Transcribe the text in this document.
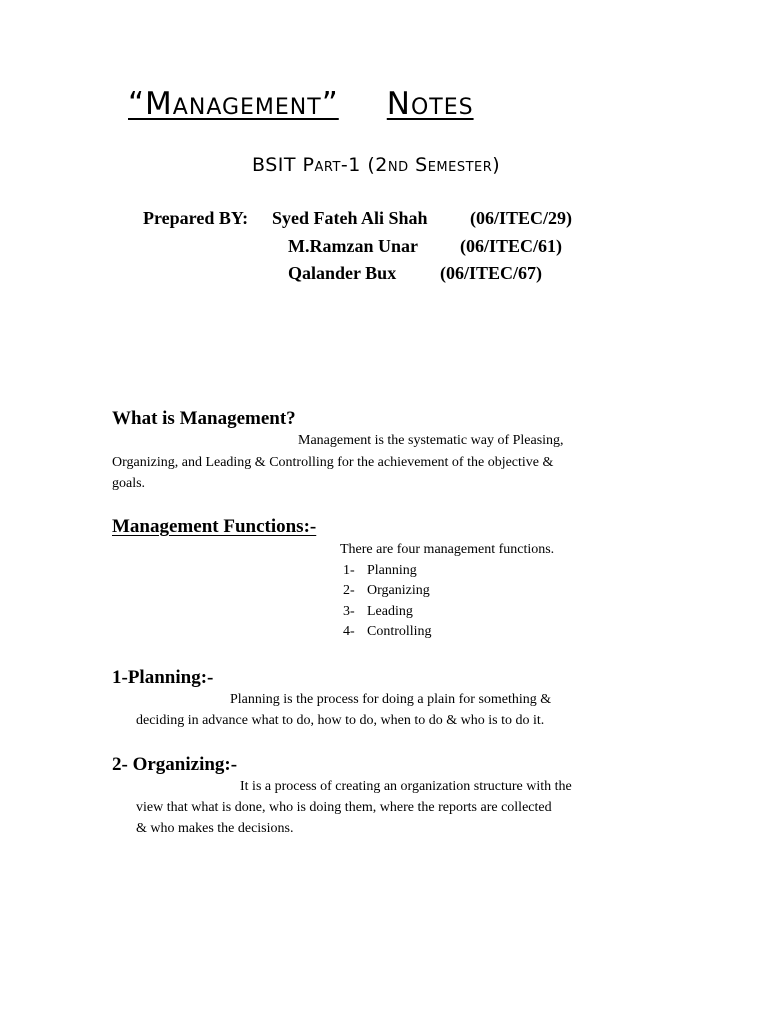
“Management” Notes
BSIT Part-1 (2nd Semester)
Prepared BY: Syed Fateh Ali Shah (06/ITEC/29)
M.Ramzan Unar (06/ITEC/61)
Qalander Bux (06/ITEC/67)
What is Management?
Management is the systematic way of Pleasing,
Organizing, and Leading & Controlling for the achievement of the objective &
goals.
Management Functions:-
There are four management functions.
1- Planning
2- Organizing
3- Leading
4- Controlling
1-Planning:-
Planning is the process for doing a plain for something &
deciding in advance what to do, how to do, when to do & who is to do it.
2- Organizing:-
It is a process of creating an organization structure with the
view that what is done, who is doing them, where the reports are collected
& who makes the decisions.
